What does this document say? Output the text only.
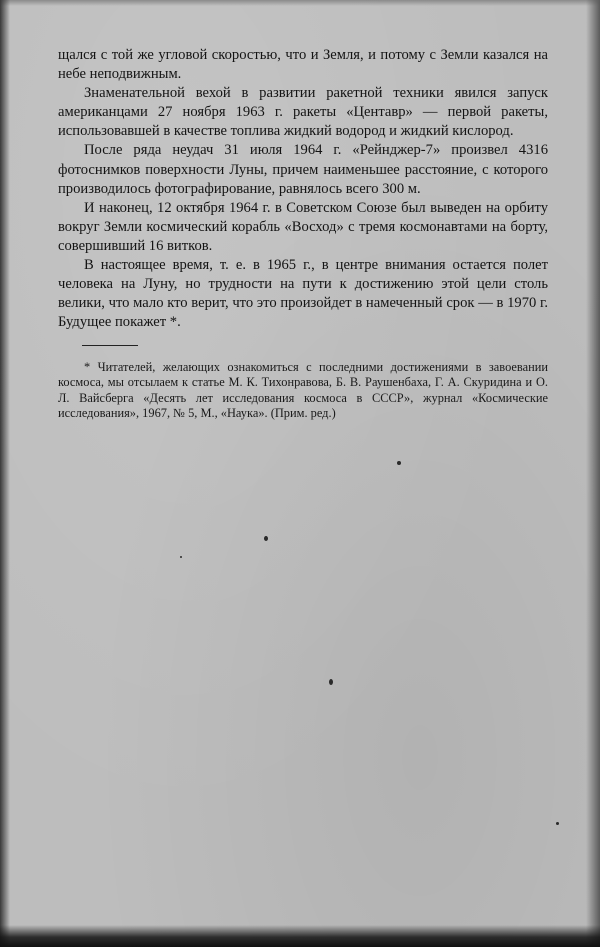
щался с той же угловой скоростью, что и Земля, и потому с Земли казался на небе неподвижным.

Знаменательной вехой в развитии ракетной техники явился запуск американцами 27 ноября 1963 г. ракеты «Центавр» — первой ракеты, использовавшей в качестве топлива жидкий водород и жидкий кислород.

После ряда неудач 31 июля 1964 г. «Рейнджер-7» произвел 4316 фотоснимков поверхности Луны, причем наименьшее расстояние, с которого производилось фотографирование, равнялось всего 300 м.

И наконец, 12 октября 1964 г. в Советском Союзе был выведен на орбиту вокруг Земли космический корабль «Восход» с тремя космонавтами на борту, совершивший 16 витков.

В настоящее время, т. е. в 1965 г., в центре внимания остается полет человека на Луну, но трудности на пути к достижению этой цели столь велики, что мало кто верит, что это произойдет в намеченный срок — в 1970 г. Будущее покажет *.

* Читателей, желающих ознакомиться с последними достижениями в завоевании космоса, мы отсылаем к статье М. К. Тихонравова, Б. В. Раушенбаха, Г. А. Скуридина и О. Л. Вайсберга «Десять лет исследования космоса в СССР», журнал «Космические исследования», 1967, № 5, М., «Наука». (Прим. ред.)
